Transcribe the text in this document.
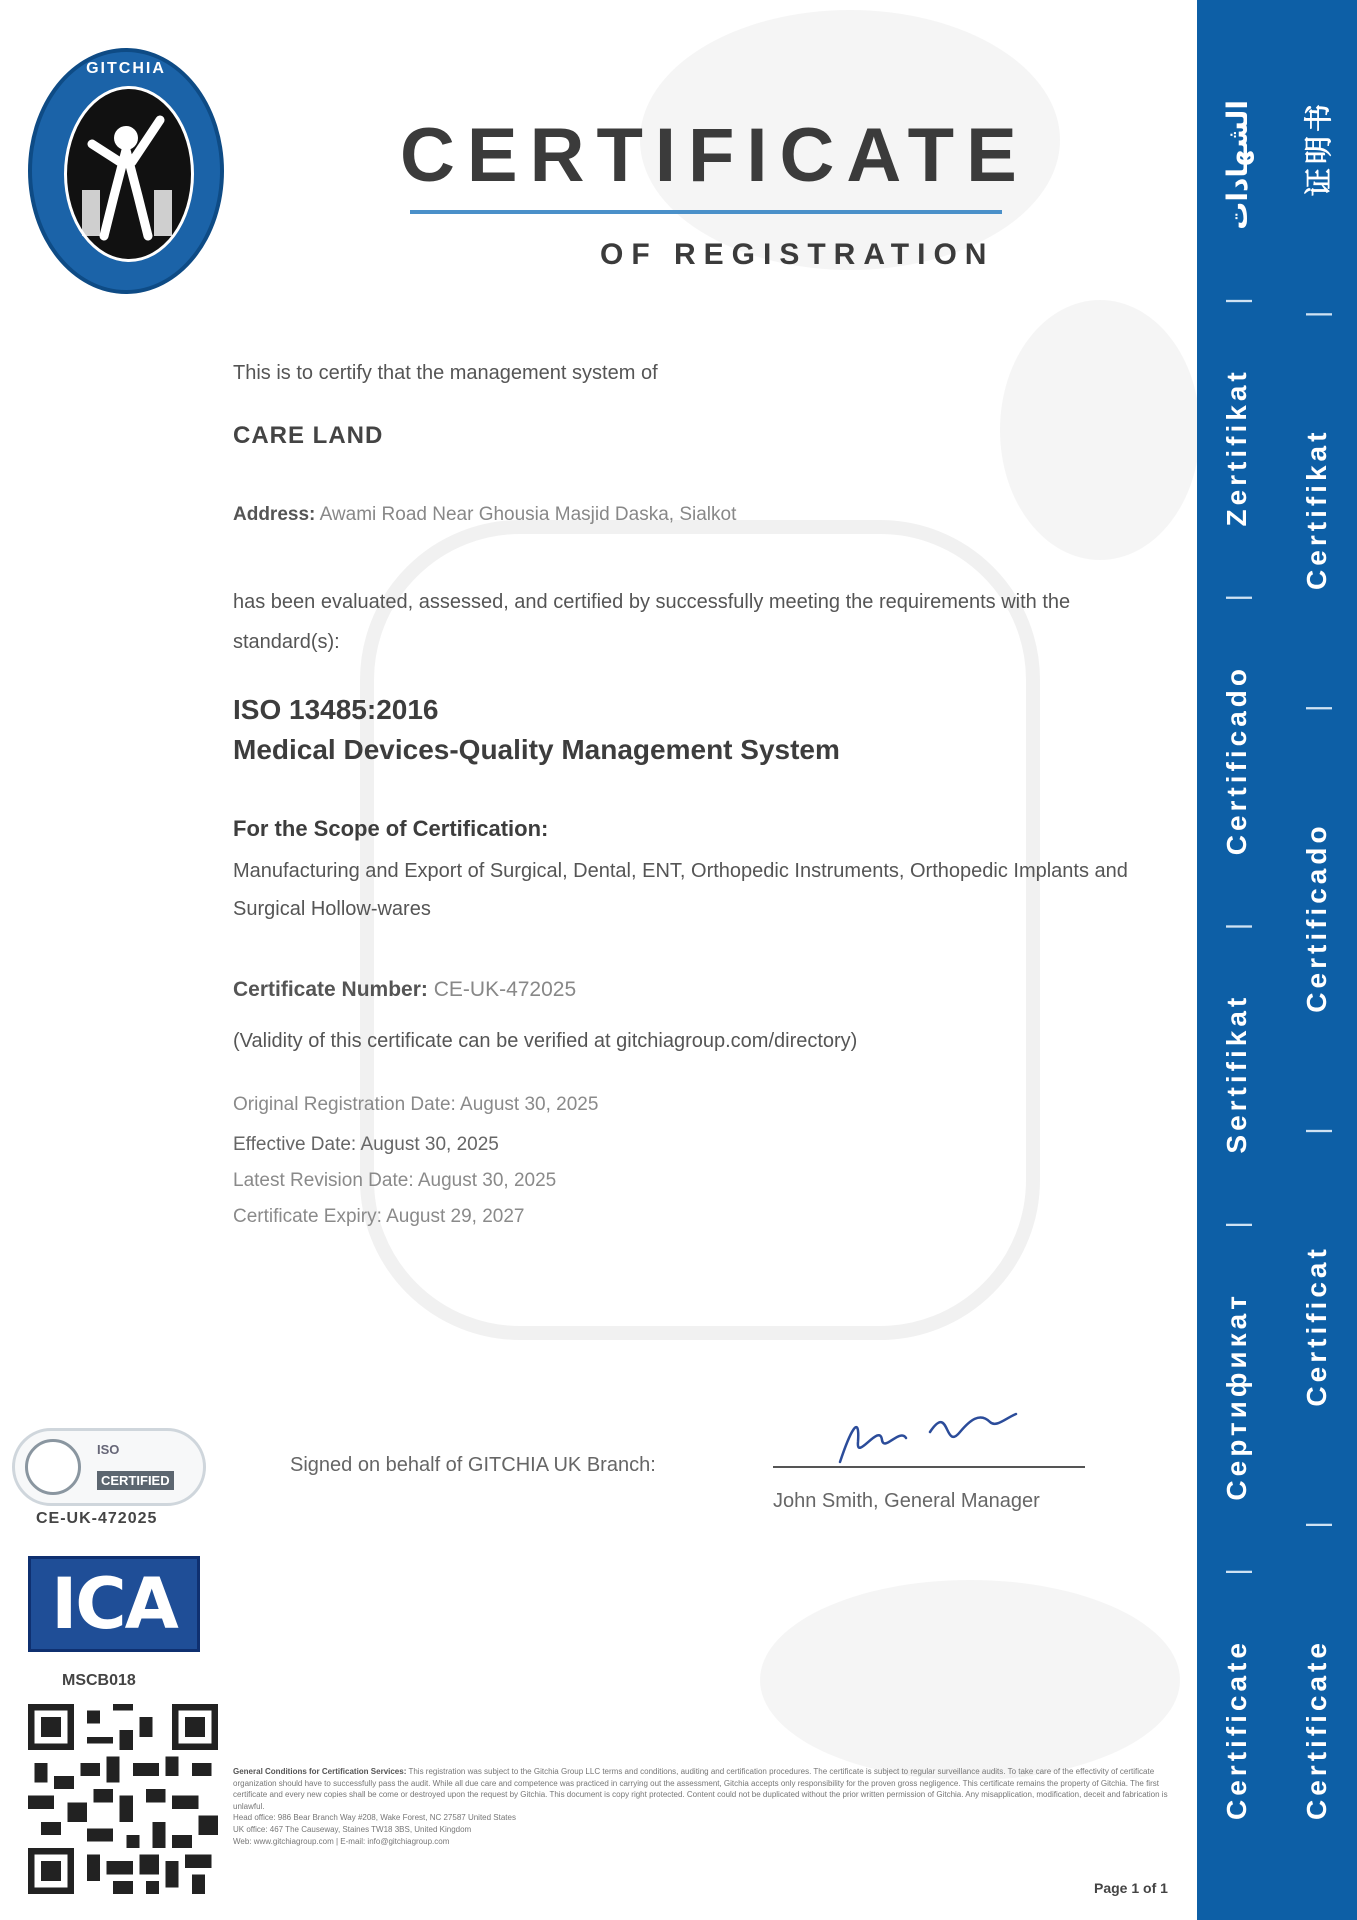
GITCHIA
CERTIFICATE
OF REGISTRATION
This is to certify that the management system of
CARE LAND
Address: Awami Road Near Ghousia Masjid Daska, Sialkot
has been evaluated, assessed, and certified by successfully meeting the requirements with the standard(s):
ISO 13485:2016
Medical Devices-Quality Management System
For the Scope of Certification:
Manufacturing and Export of Surgical, Dental, ENT, Orthopedic Instruments, Orthopedic Implants and Surgical Hollow-wares
Certificate Number: CE-UK-472025
(Validity of this certificate can be verified at gitchiagroup.com/directory)
Original Registration Date: August 30, 2025
Effective Date: August 30, 2025
Latest Revision Date: August 30, 2025
Certificate Expiry: August 29, 2027
Signed on behalf of GITCHIA UK Branch:
John Smith, General Manager
ISO
CERTIFIED
CE-UK-472025
ICA
MSCB018
General Conditions for Certification Services: This registration was subject to the Gitchia Group LLC terms and conditions, auditing and certification procedures. The certificate is subject to regular surveillance audits. To take care of the effectivity of certificate organization should have to successfully pass the audit. While all due care and competence was practiced in carrying out the assessment, Gitchia accepts only responsibility for the proven gross negligence. This certificate remains the property of Gitchia. The first certificate and every new copies shall be come or destroyed upon the request by Gitchia. This document is copy right protected. Content could not be duplicated without the prior written permission of Gitchia. Any misapplication, modification, deceit and fabrication is unlawful.
Head office: 986 Bear Branch Way #208, Wake Forest, NC 27587 United States
UK office: 467 The Causeway, Staines TW18 3BS, United Kingdom
Web: www.gitchiagroup.com | E-mail: info@gitchiagroup.com
Page 1 of 1
Certificate
|
Сертификат
|
Sertifikat
|
Certificado
|
Zertifikat
|
الشهادات
Certificate
|
Certificat
|
Certificado
|
Certifikat
|
证明书
